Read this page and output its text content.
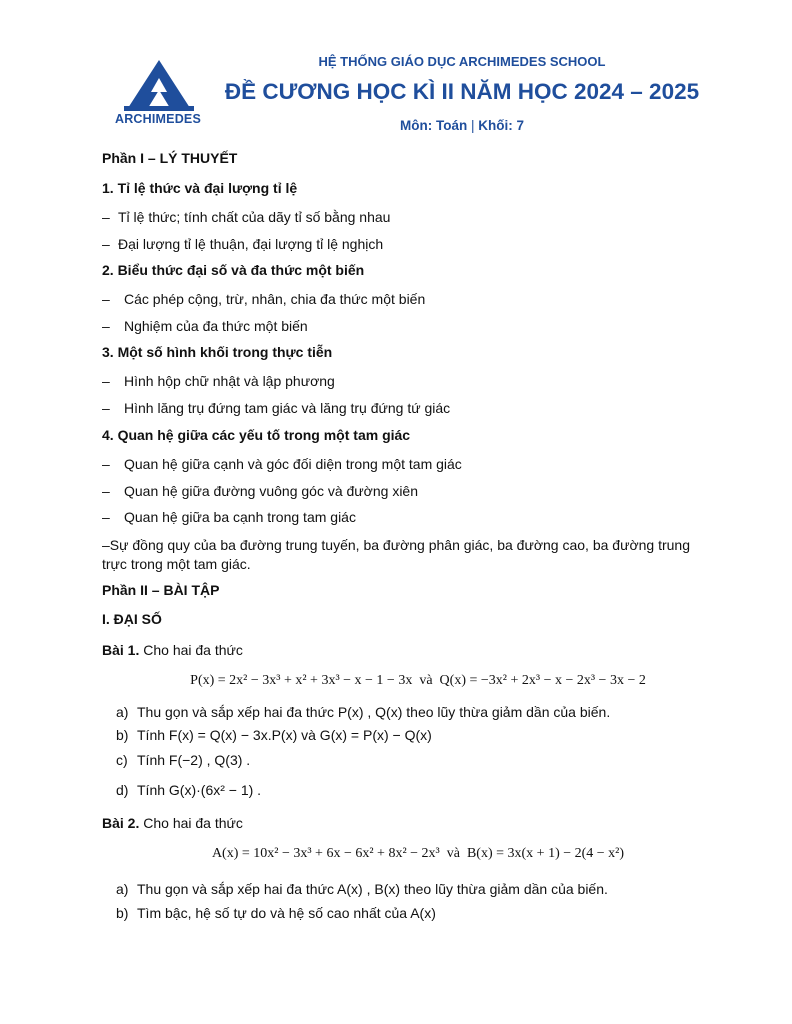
ARCHIMEDES
HỆ THỐNG GIÁO DỤC ARCHIMEDES SCHOOL
ĐỀ CƯƠNG HỌC KÌ II NĂM HỌC 2024 – 2025
Môn: Toán | Khối: 7
Phần I – LÝ THUYẾT
1. Tỉ lệ thức và đại lượng tỉ lệ
– Tỉ lệ thức; tính chất của dãy tỉ số bằng nhau
– Đại lượng tỉ lệ thuận, đại lượng tỉ lệ nghịch
2. Biểu thức đại số và đa thức một biến
– Các phép cộng, trừ, nhân, chia đa thức một biến
– Nghiệm của đa thức một biến
3. Một số hình khối trong thực tiễn
– Hình hộp chữ nhật và lập phương
– Hình lăng trụ đứng tam giác và lăng trụ đứng tứ giác
4. Quan hệ giữa các yếu tố trong một tam giác
– Quan hệ giữa cạnh và góc đối diện trong một tam giác
– Quan hệ giữa đường vuông góc và đường xiên
– Quan hệ giữa ba cạnh trong tam giác
–Sự đồng quy của ba đường trung tuyến, ba đường phân giác, ba đường cao, ba đường trung trực trong một tam giác.
Phần II – BÀI TẬP
I. ĐẠI SỐ
Bài 1. Cho hai đa thức
P(x) = 2x² − 3x³ + x² + 3x³ − x − 1 − 3x và Q(x) = −3x² + 2x³ − x − 2x³ − 3x − 2
a) Thu gọn và sắp xếp hai đa thức P(x) , Q(x) theo lũy thừa giảm dần của biến.
b) Tính F(x) = Q(x) − 3x.P(x) và G(x) = P(x) − Q(x)
c) Tính F(−2) , Q(3) .
d) Tính G(x)·(6x² − 1) .
Bài 2. Cho hai đa thức
A(x) = 10x² − 3x³ + 6x − 6x² + 8x² − 2x³ và B(x) = 3x(x + 1) − 2(4 − x²)
a) Thu gọn và sắp xếp hai đa thức A(x) , B(x) theo lũy thừa giảm dần của biến.
b) Tìm bậc, hệ số tự do và hệ số cao nhất của A(x)
